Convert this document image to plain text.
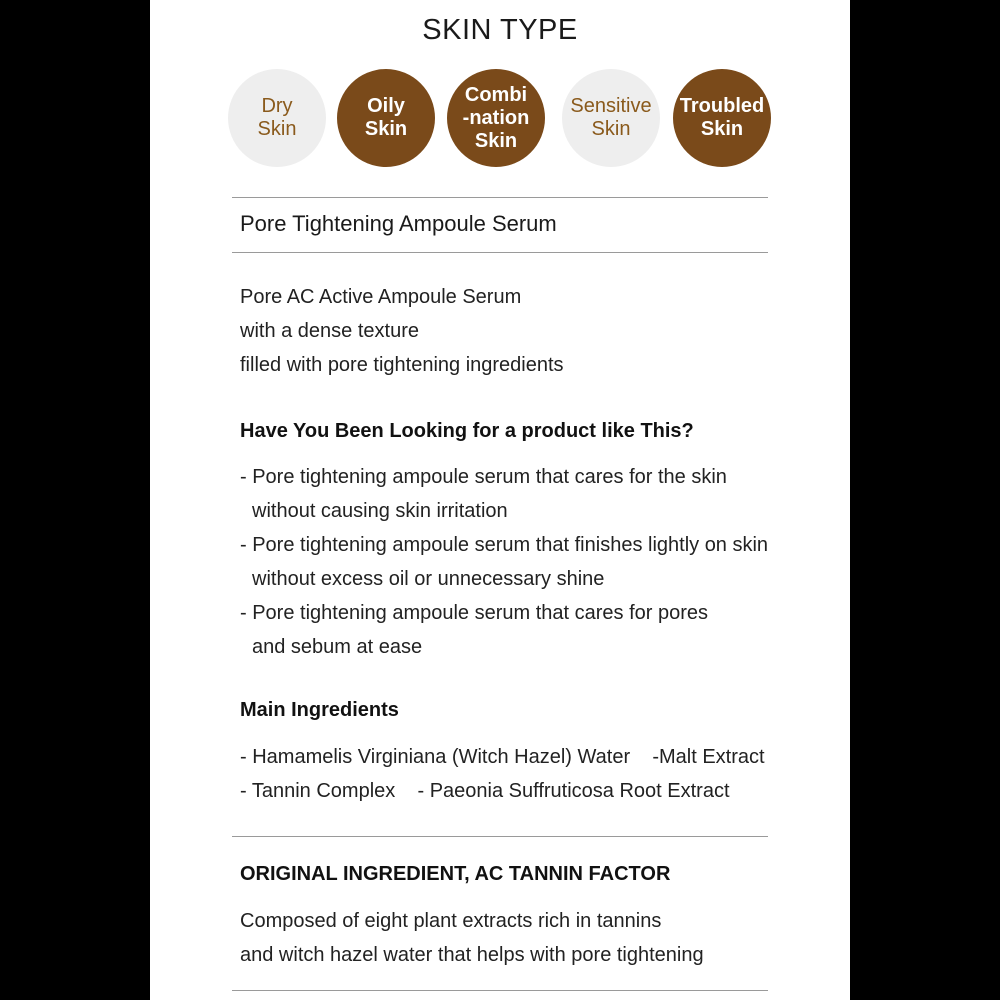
SKIN TYPE
Dry
Skin
Oily
Skin
Combi
-nation
Skin
Sensitive
Skin
Troubled
Skin
Pore Tightening Ampoule Serum
Pore AC Active Ampoule Serum
with a dense texture
filled with pore tightening ingredients
Have You Been Looking for a product like This?
- Pore tightening ampoule serum that cares for the skin
without causing skin irritation
- Pore tightening ampoule serum that finishes lightly on skin
without excess oil or unnecessary shine
- Pore tightening ampoule serum that cares for pores
and sebum at ease
Main Ingredients
- Hamamelis Virginiana (Witch Hazel) Water    -Malt Extract
- Tannin Complex    - Paeonia Suffruticosa Root Extract
ORIGINAL INGREDIENT, AC TANNIN FACTOR
Composed of eight plant extracts rich in tannins
and witch hazel water that helps with pore tightening
